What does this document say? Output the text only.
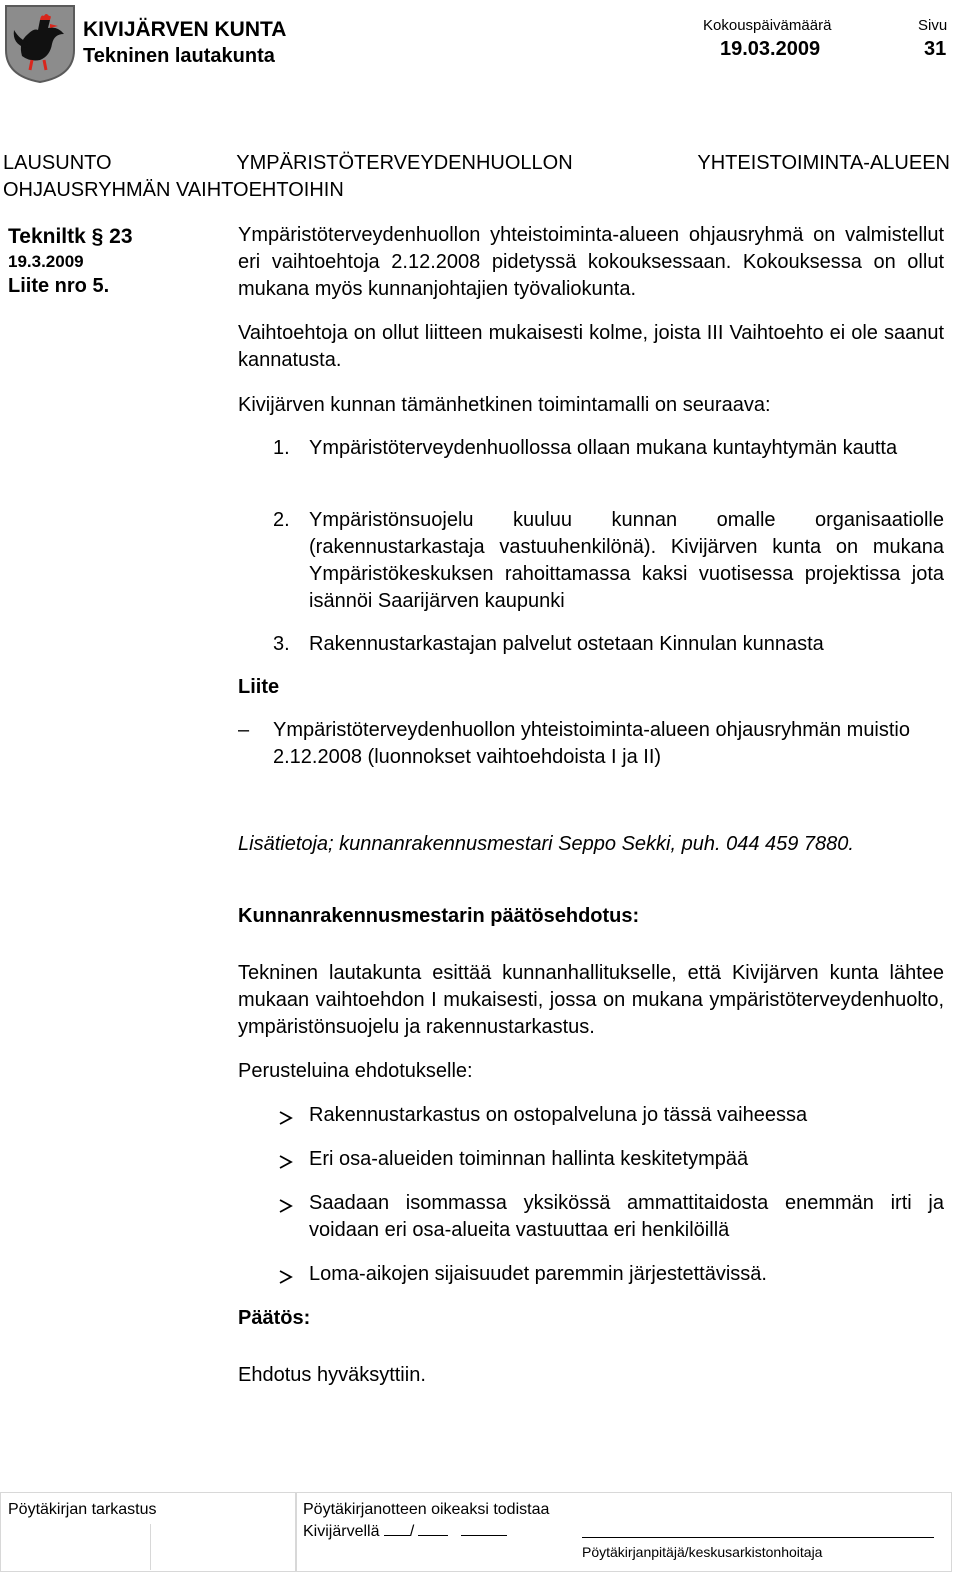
KIVIJÄRVEN KUNTA
Tekninen lautakunta
Kokouspäivämäärä
19.03.2009
Sivu
31
LAUSUNTO	YMPÄRISTÖTERVEYDENHUOLLON	YHTEISTOIMINTA-ALUEEN
OHJAUSRYHMÄN VAIHTOEHTOIHIN
Tekniltk § 23
19.3.2009
Liite nro 5.
Ympäristöterveydenhuollon yhteistoiminta-alueen ohjausryhmä on valmistellut eri vaihtoehtoja 2.12.2008 pidetyssä kokouksessaan. Kokouksessa on ollut mukana myös kunnanjohtajien työvaliokunta.
Vaihtoehtoja on ollut liitteen mukaisesti kolme, joista III Vaihtoehto ei ole saanut kannatusta.
Kivijärven kunnan tämänhetkinen toimintamalli on seuraava:
1. Ympäristöterveydenhuollossa ollaan mukana kuntayhtymän kautta
2. Ympäristönsuojelu kuuluu kunnan omalle organisaatiolle (rakennustarkastaja vastuuhenkilönä). Kivijärven kunta on mukana Ympäristökeskuksen rahoittamassa kaksi vuotisessa projektissa jota isännöi Saarijärven kaupunki
3. Rakennustarkastajan palvelut ostetaan Kinnulan kunnasta
Liite
– Ympäristöterveydenhuollon yhteistoiminta-alueen ohjausryhmän muistio 2.12.2008 (luonnokset vaihtoehdoista I ja II)
Lisätietoja; kunnanrakennusmestari Seppo Sekki, puh. 044 459 7880.
Kunnanrakennusmestarin päätösehdotus:
Tekninen lautakunta esittää kunnanhallitukselle, että Kivijärven kunta lähtee mukaan vaihtoehdon I mukaisesti, jossa on mukana ympäristöterveydenhuolto, ympäristönsuojelu ja rakennustarkastus.
Perusteluina ehdotukselle:
Rakennustarkastus on ostopalveluna jo tässä vaiheessa
Eri osa-alueiden toiminnan hallinta keskitetympää
Saadaan isommassa yksikössä ammattitaidosta enemmän irti ja voidaan eri osa-alueita vastuuttaa eri henkilöillä
Loma-aikojen sijaisuudet paremmin järjestettävissä.
Päätös:
Ehdotus hyväksyttiin.
Pöytäkirjan tarkastus	Pöytäkirjanotteen oikeaksi todistaa
Kivijärvellä /
Pöytäkirjanpitäjä/keskusarkistonhoitaja
